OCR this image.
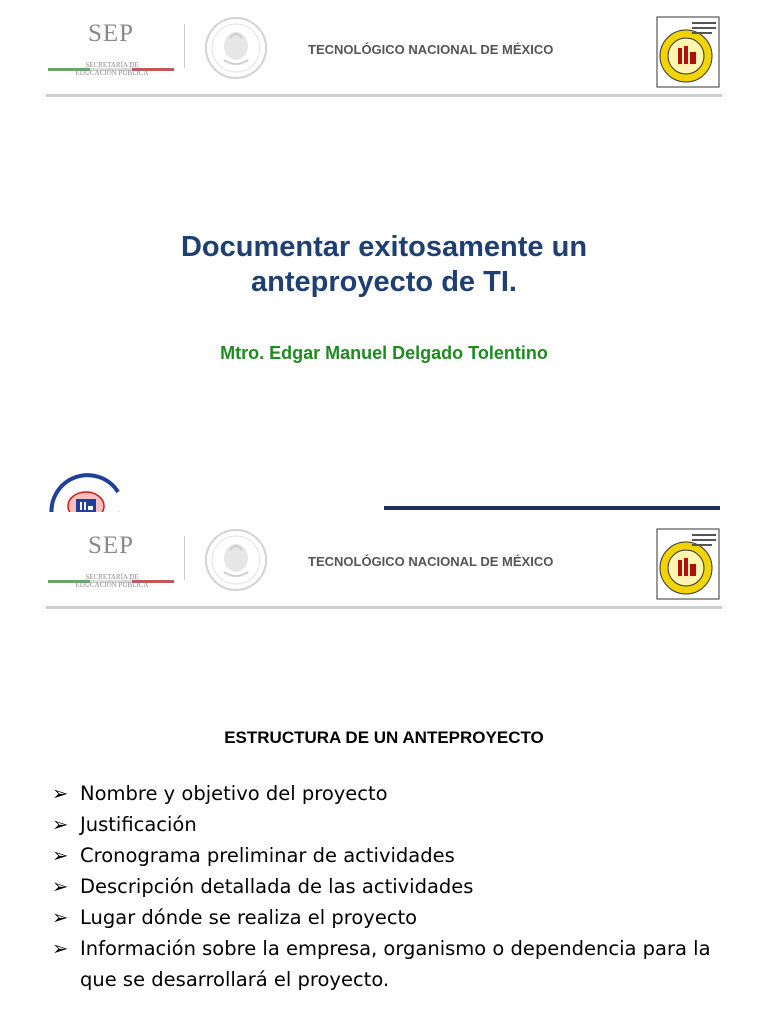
SEP
SECRETARÍA DE EDUCACIÓN PÚBLICA
TECNOLÓGICO NACIONAL DE MÉXICO
Documentar exitosamente un
anteproyecto de TI.
Mtro. Edgar Manuel Delgado Tolentino
SEP
SECRETARÍA DE EDUCACIÓN PÚBLICA
TECNOLÓGICO NACIONAL DE MÉXICO
ESTRUCTURA DE UN ANTEPROYECTO
➢ Nombre y objetivo del proyecto
➢ Justificación
➢ Cronograma preliminar de actividades
➢ Descripción detallada de las actividades
➢ Lugar dónde se realiza el proyecto
➢ Información sobre la empresa, organismo o dependencia para la que se desarrollará el proyecto.
